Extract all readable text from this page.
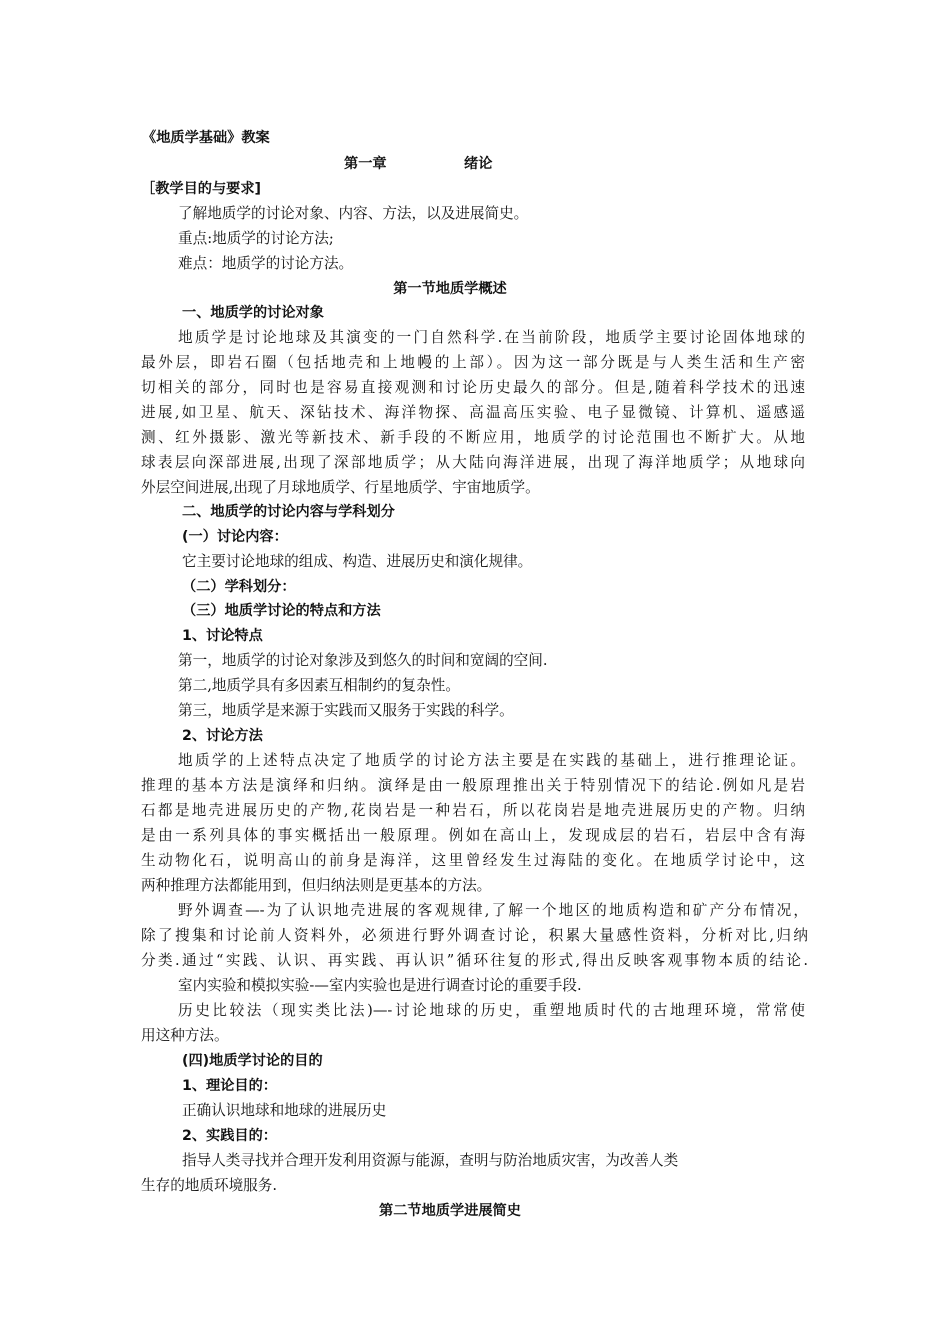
《地质学基础》教案
第一章	绪论
［教学目的与要求]
了解地质学的讨论对象、内容、方法，以及进展简史。
重点:地质学的讨论方法;
难点：地质学的讨论方法。
第一节地质学概述
一、地质学的讨论对象
地质学是讨论地球及其演变的一门自然科学.在当前阶段，地质学主要讨论固体地球的
最外层，即岩石圈（包括地壳和上地幔的上部）。因为这一部分既是与人类生活和生产密
切相关的部分，同时也是容易直接观测和讨论历史最久的部分。但是,随着科学技术的迅速
进展,如卫星、航天、深钻技术、海洋物探、高温高压实验、电子显微镜、计算机、遥感遥
测、红外摄影、激光等新技术、新手段的不断应用，地质学的讨论范围也不断扩大。从地
球表层向深部进展,出现了深部地质学；从大陆向海洋进展，出现了海洋地质学；从地球向
外层空间进展,出现了月球地质学、行星地质学、宇宙地质学。
二、地质学的讨论内容与学科划分
(一）讨论内容：
它主要讨论地球的组成、构造、进展历史和演化规律。
（二）学科划分：
（三）地质学讨论的特点和方法
1、讨论特点
第一，地质学的讨论对象涉及到悠久的时间和宽阔的空间.
第二,地质学具有多因素互相制约的复杂性。
第三，地质学是来源于实践而又服务于实践的科学。
2、讨论方法
地质学的上述特点决定了地质学的讨论方法主要是在实践的基础上，进行推理论证。
推理的基本方法是演绎和归纳。演绎是由一般原理推出关于特别情况下的结论.例如凡是岩
石都是地壳进展历史的产物,花岗岩是一种岩石，所以花岗岩是地壳进展历史的产物。归纳
是由一系列具体的事实概括出一般原理。例如在高山上，发现成层的岩石，岩层中含有海
生动物化石，说明高山的前身是海洋，这里曾经发生过海陆的变化。在地质学讨论中，这
两种推理方法都能用到，但归纳法则是更基本的方法。
野外调查—-为了认识地壳进展的客观规律,了解一个地区的地质构造和矿产分布情况，
除了搜集和讨论前人资料外，必须进行野外调查讨论，积累大量感性资料，分析对比,归纳
分类.通过“实践、认识、再实践、再认识”循环往复的形式,得出反映客观事物本质的结论.
室内实验和模拟实验-—室内实验也是进行调查讨论的重要手段.
历史比较法（现实类比法)—-讨论地球的历史，重塑地质时代的古地理环境，常常使
用这种方法。
(四)地质学讨论的目的
1、理论目的：
正确认识地球和地球的进展历史
2、实践目的：
指导人类寻找并合理开发利用资源与能源，查明与防治地质灾害，为改善人类
生存的地质环境服务.
第二节地质学进展简史
